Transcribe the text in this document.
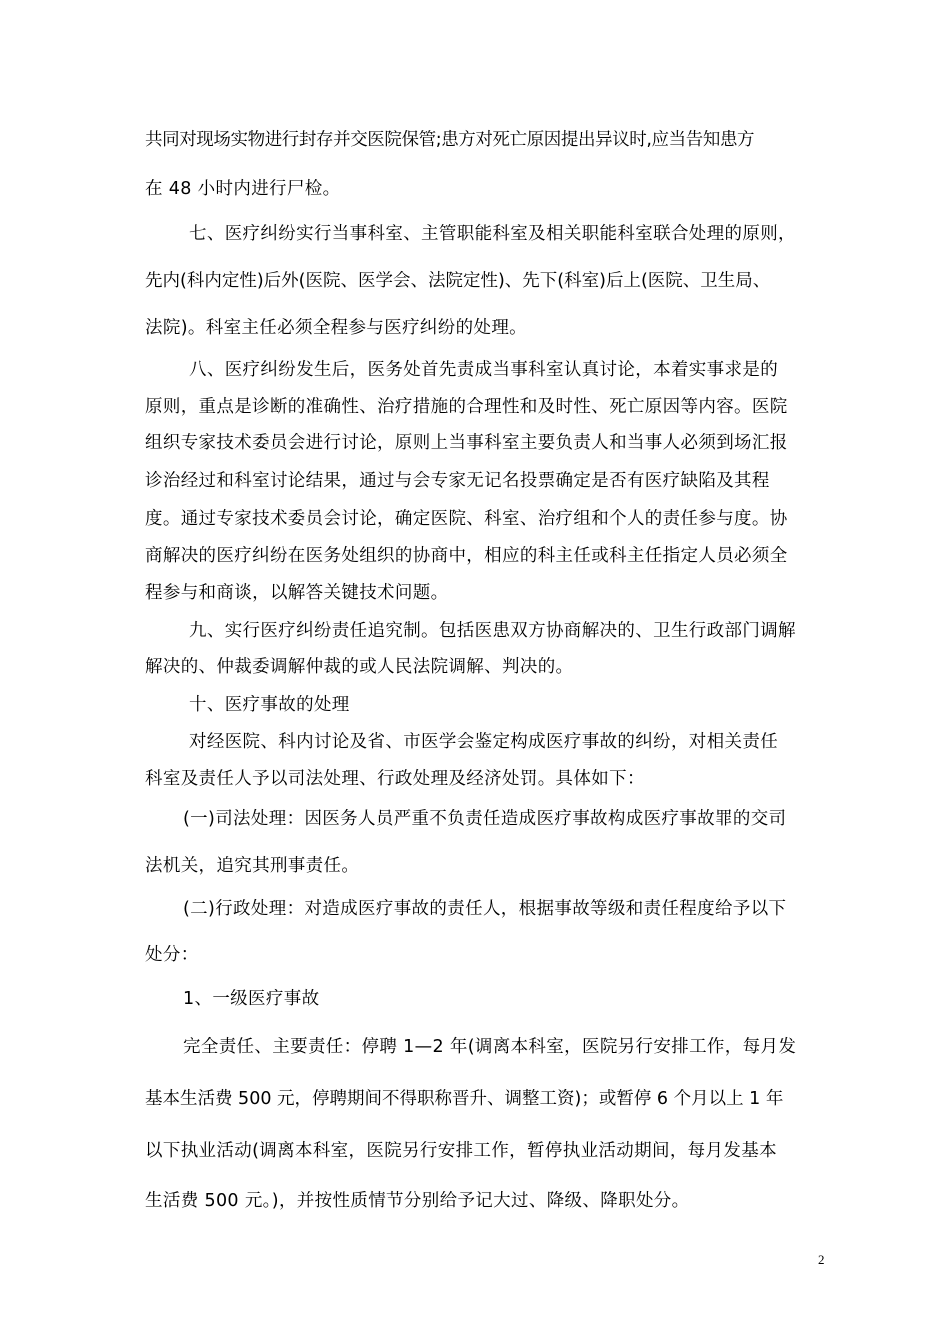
共同对现场实物进行封存并交医院保管;患方对死亡原因提出异议时,应当告知患方
在 48 小时内进行尸检。
七、医疗纠纷实行当事科室、主管职能科室及相关职能科室联合处理的原则，
先内(科内定性)后外(医院、医学会、法院定性)、先下(科室)后上(医院、卫生局、
法院)。科室主任必须全程参与医疗纠纷的处理。
八、医疗纠纷发生后，医务处首先责成当事科室认真讨论，本着实事求是的
原则，重点是诊断的准确性、治疗措施的合理性和及时性、死亡原因等内容。医院
组织专家技术委员会进行讨论，原则上当事科室主要负责人和当事人必须到场汇报
诊治经过和科室讨论结果，通过与会专家无记名投票确定是否有医疗缺陷及其程
度。通过专家技术委员会讨论，确定医院、科室、治疗组和个人的责任参与度。协
商解决的医疗纠纷在医务处组织的协商中，相应的科主任或科主任指定人员必须全
程参与和商谈，以解答关键技术问题。
九、实行医疗纠纷责任追究制。包括医患双方协商解决的、卫生行政部门调解
解决的、仲裁委调解仲裁的或人民法院调解、判决的。
十、医疗事故的处理
对经医院、科内讨论及省、市医学会鉴定构成医疗事故的纠纷，对相关责任
科室及责任人予以司法处理、行政处理及经济处罚。具体如下：
(一)司法处理：因医务人员严重不负责任造成医疗事故构成医疗事故罪的交司
法机关，追究其刑事责任。
(二)行政处理：对造成医疗事故的责任人，根据事故等级和责任程度给予以下
处分：
1、一级医疗事故
完全责任、主要责任：停聘 1—2 年(调离本科室，医院另行安排工作，每月发
基本生活费 500 元，停聘期间不得职称晋升、调整工资)；或暂停 6 个月以上 1 年
以下执业活动(调离本科室，医院另行安排工作，暂停执业活动期间，每月发基本
生活费 500 元。)，并按性质情节分别给予记大过、降级、降职处分。
2
